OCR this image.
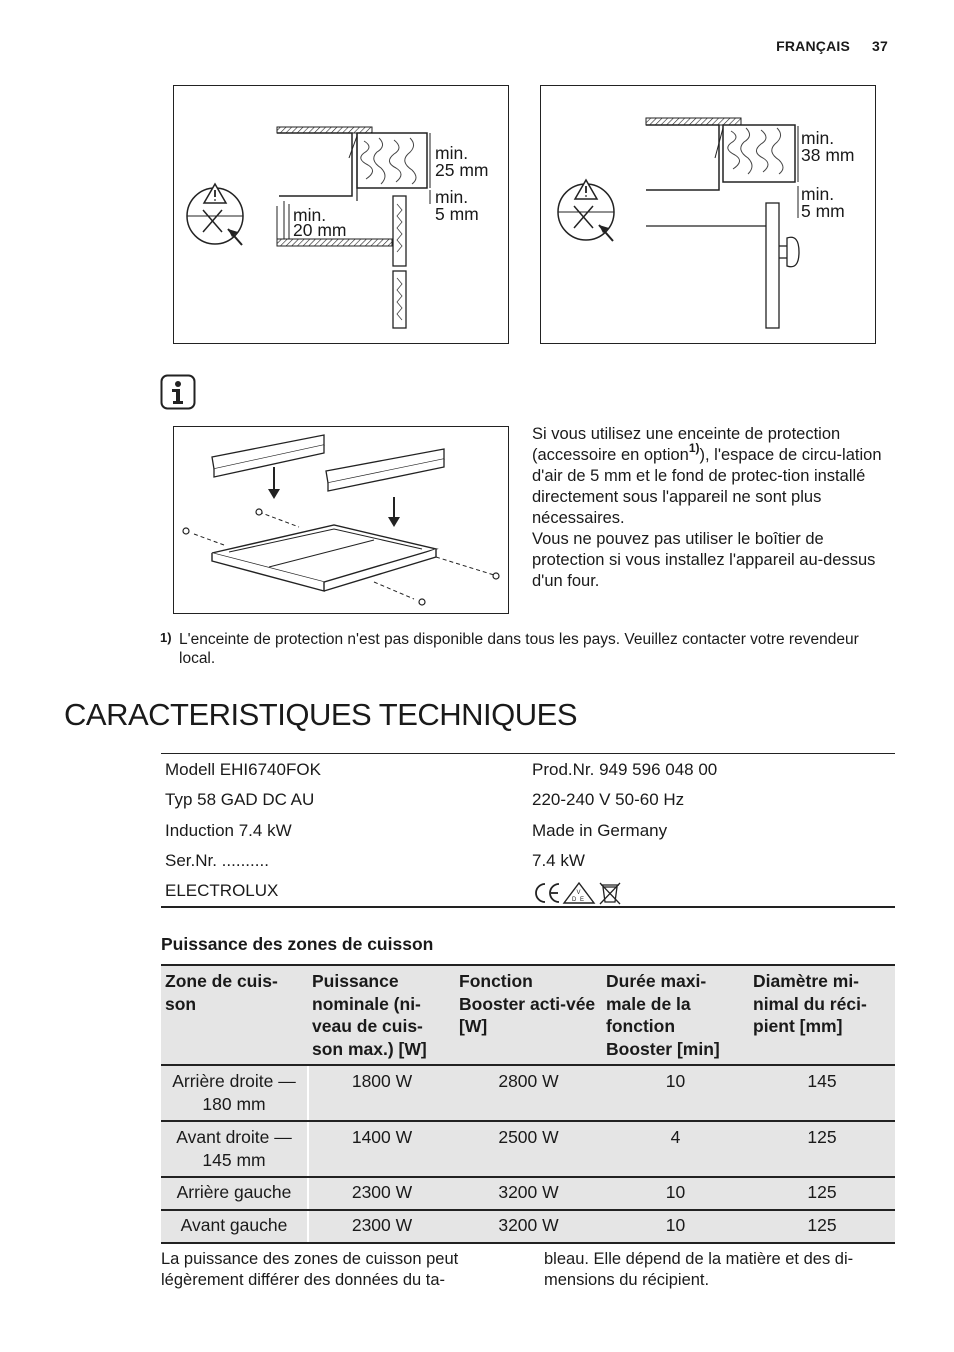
FRANÇAIS 37
min. 25 mm
min. 5 mm
min. 20 mm
min. 38 mm
min. 5 mm

Si vous utilisez une enceinte de protection (accessoire en option$^{1)}$), l'espace de circu-lation d'air de 5 mm et le fond de protec-tion installé directement sous l'appareil ne sont plus nécessaires.

Vous ne pouvez pas utiliser le boîtier de protection si vous installez l'appareil au-dessus d'un four.

1) L'enceinte de protection n'est pas disponible dans tous les pays. Veuillez contacter votre revendeur local.
CARACTERISTIQUES TECHNIQUES
Modell EHI6740FOK	Prod.Nr. 949 596 048 00
Typ 58 GAD DC AU	220-240 V 50-60 Hz
Induction 7.4 kW	Made in Germany
Ser.Nr. ..........	7.4 kW
ELECTROLUX	V
D E
Puissance des zones de cuisson
Zone de cuis-son	Puissance nominale (ni-veau de cuis-son max.) [W]	Fonction Booster acti-vée [W]	Durée maxi-male de la fonction Booster [min]	Diamètre mi-nimal du réci-pient [mm]
Arrière droite — 180 mm	1800 W	2800 W	10	145
Avant droite — 145 mm	1400 W	2500 W	4	125
Arrière gauche	2300 W	3200 W	10	125
Avant gauche	2300 W	3200 W	10	125
La puissance des zones de cuisson peut légèrement différer des données du ta-
bleau. Elle dépend de la matière et des di-mensions du récipient.
